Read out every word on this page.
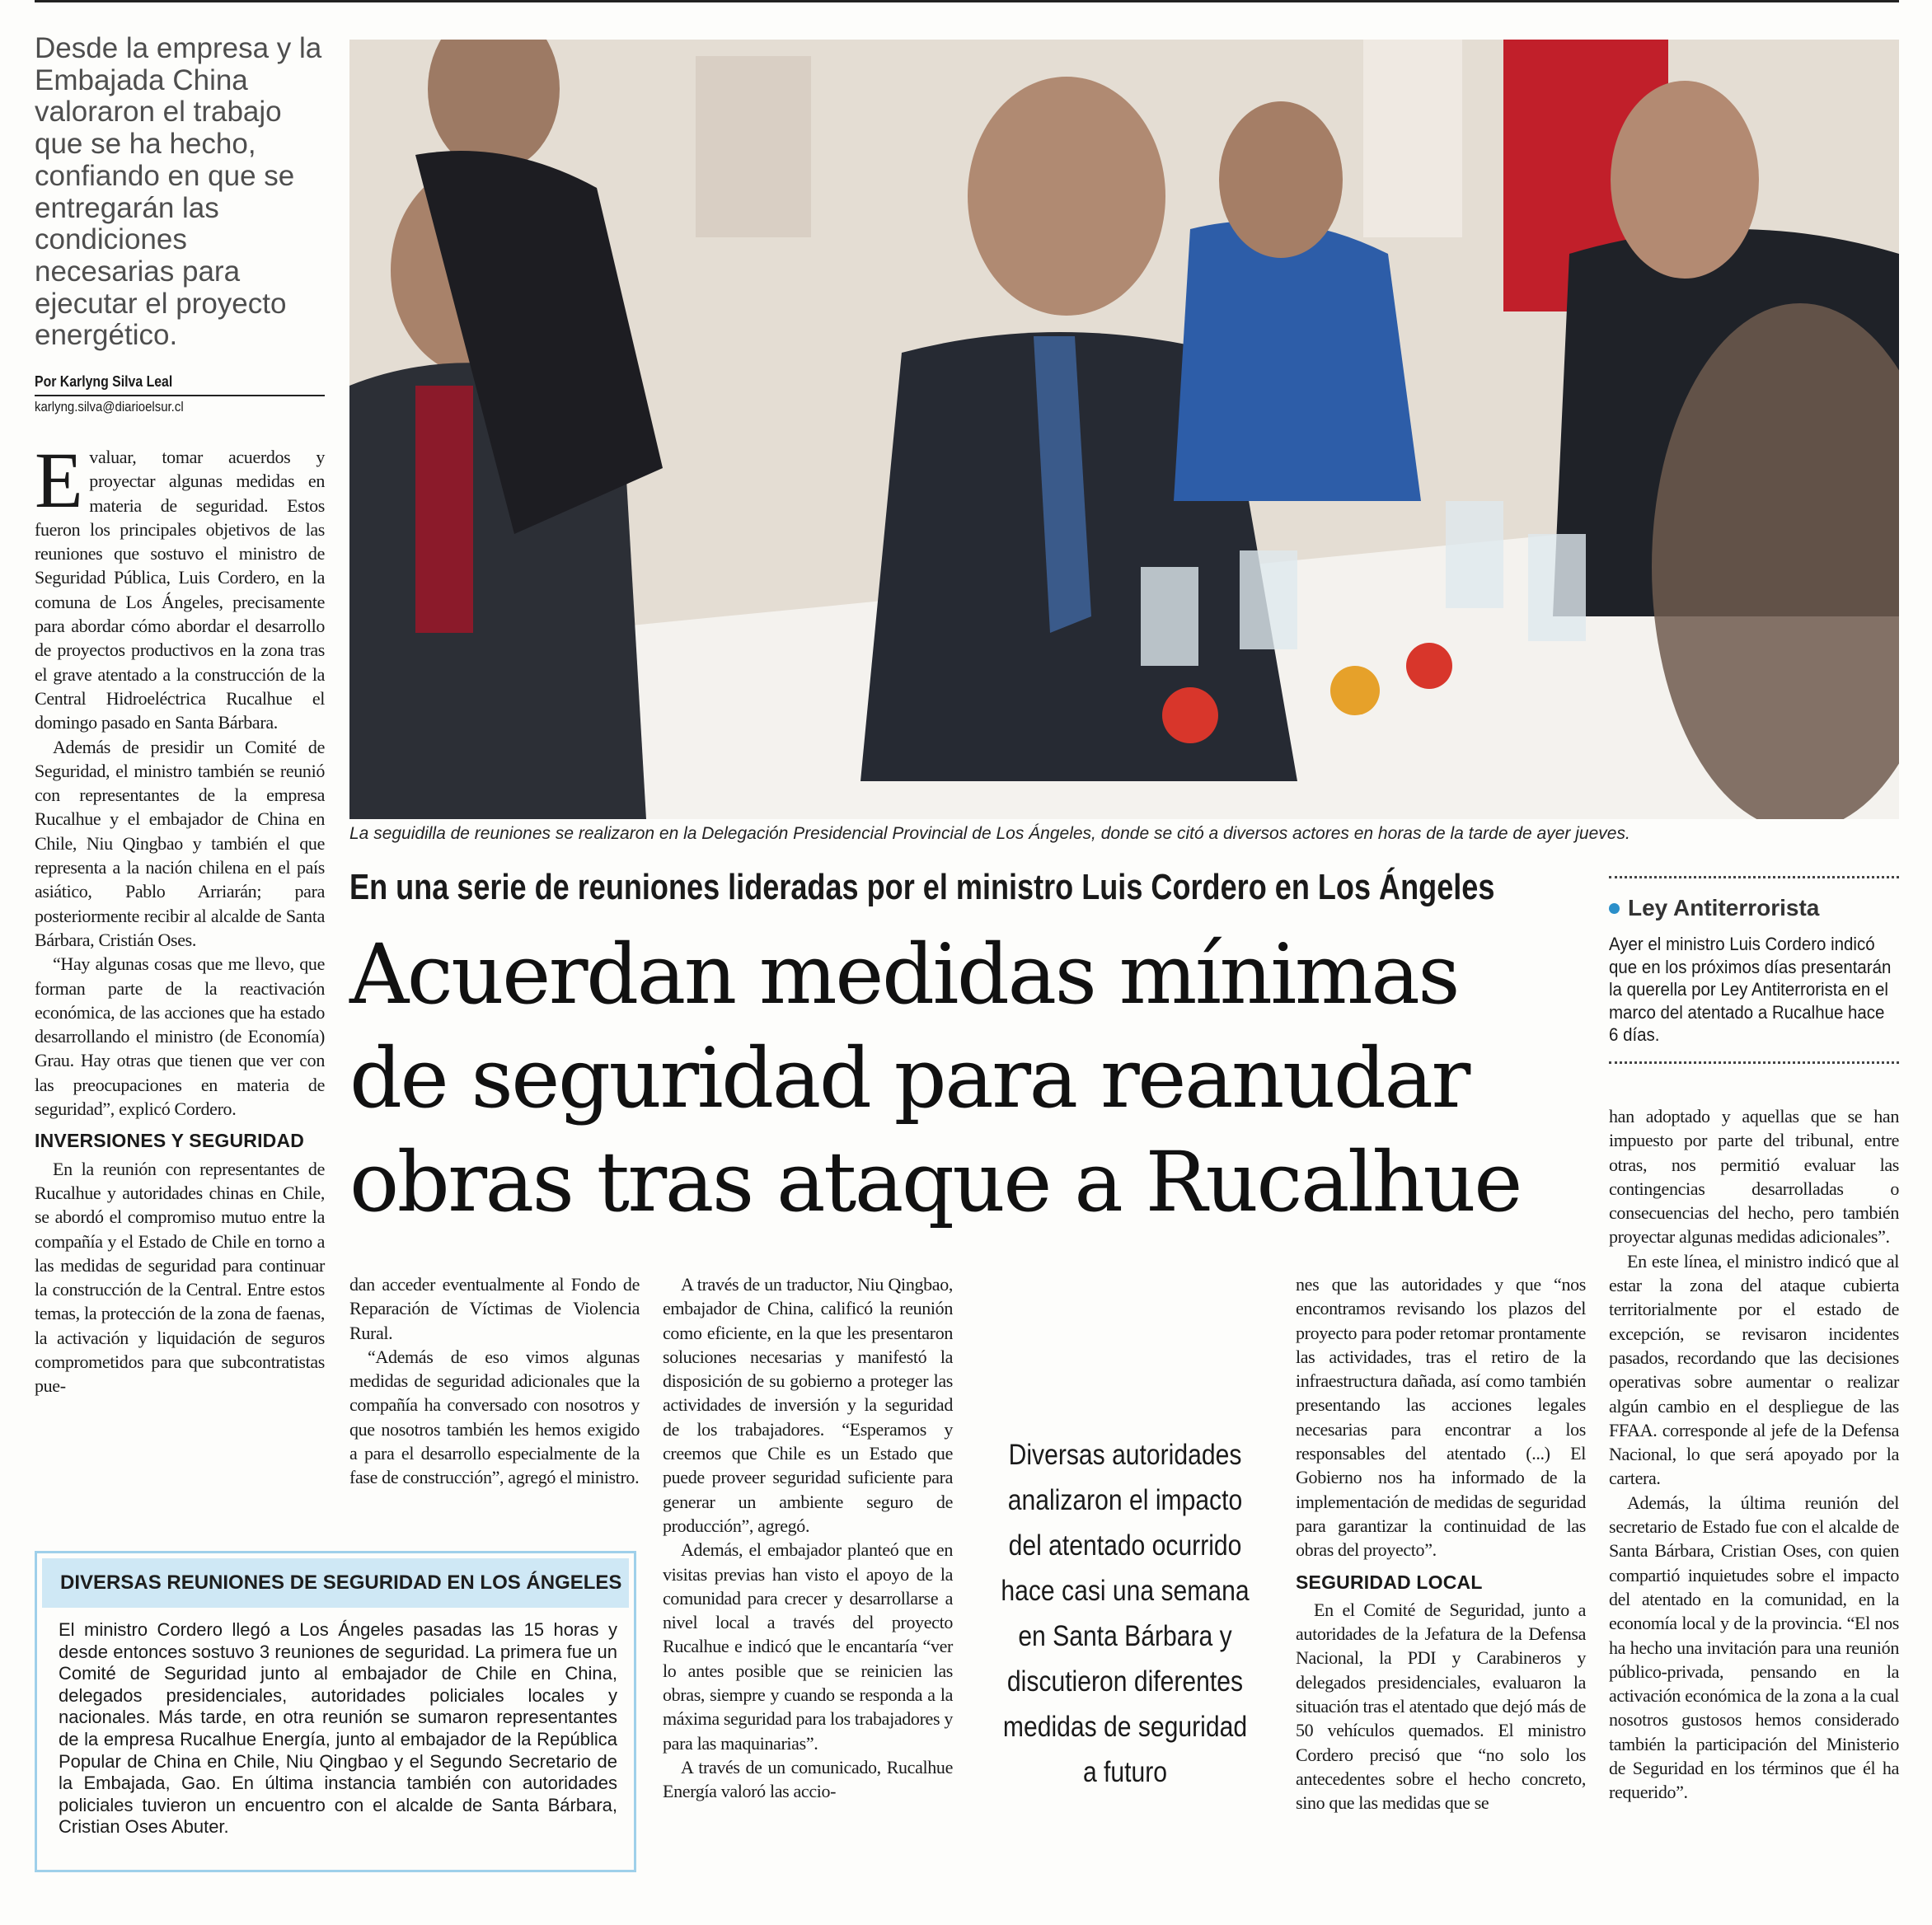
Desde la empresa y la Embajada China valoraron el trabajo que se ha hecho, confiando en que se entregarán las condiciones necesarias para ejecutar el proyecto energético.
Por Karlyng Silva Leal
karlyng.silva@diarioelsur.cl

Evaluar, tomar acuerdos y proyectar algunas medidas en materia de seguridad. Estos fueron los principales objetivos de las reuniones que sostuvo el ministro de Seguridad Pública, Luis Cordero, en la comuna de Los Ángeles, precisamente para abordar cómo abordar el desarrollo de proyectos productivos en la zona tras el grave atentado a la construcción de la Central Hidroeléctrica Rucalhue el domingo pasado en Santa Bárbara.

Además de presidir un Comité de Seguridad, el ministro también se reunió con representantes de la empresa Rucalhue y el embajador de China en Chile, Niu Qingbao y también el que representa a la nación chilena en el país asiático, Pablo Arriarán; para posteriormente recibir al alcalde de Santa Bárbara, Cristián Oses.

“Hay algunas cosas que me llevo, que forman parte de la reactivación económica, de las acciones que ha estado desarrollando el ministro (de Economía) Grau. Hay otras que tienen que ver con las preocupaciones en materia de seguridad”, explicó Cordero.

INVERSIONES Y SEGURIDAD

En la reunión con representantes de Rucalhue y autoridades chinas en Chile, se abordó el compromiso mutuo entre la compañía y el Estado de Chile en torno a las medidas de seguridad para continuar la construcción de la Central. Entre estos temas, la protección de la zona de faenas, la activación y liquidación de seguros comprometidos para que subcontratistas pue-

La seguidilla de reuniones se realizaron en la Delegación Presidencial Provincial de Los Ángeles, donde se citó a diversos actores en horas de la tarde de ayer jueves.
En una serie de reuniones lideradas por el ministro Luis Cordero en Los Ángeles
Acuerdan medidas mínimas
de seguridad para reanudar
obras tras ataque a Rucalhue
Ley Antiterrorista
Ayer el ministro Luis Cordero indicó que en los próximos días presentarán la querella por Ley Antiterrorista en el marco del atentado a Rucalhue hace 6 días.

dan acceder eventualmente al Fondo de Reparación de Víctimas de Violencia Rural.

“Además de eso vimos algunas medidas de seguridad adicionales que la compañía ha conversado con nosotros y que nosotros también les hemos exigido a para el desarrollo especialmente de la fase de construcción”, agregó el ministro.

DIVERSAS REUNIONES DE SEGURIDAD EN LOS ÁNGELES
El ministro Cordero llegó a Los Ángeles pasadas las 15 horas y desde entonces sostuvo 3 reuniones de seguridad. La primera fue un Comité de Seguridad junto al embajador de Chile en China, delegados presidenciales, autoridades policiales locales y nacionales. Más tarde, en otra reunión se sumaron representantes de la empresa Rucalhue Energía, junto al embajador de la República Popular de China en Chile, Niu Qingbao y el Segundo Secretario de la Embajada, Gao. En última instancia también con autoridades policiales tuvieron un encuentro con el alcalde de Santa Bárbara, Cristian Oses Abuter.

A través de un traductor, Niu Qingbao, embajador de China, calificó la reunión como eficiente, en la que les presentaron soluciones necesarias y manifestó la disposición de su gobierno a proteger las actividades de inversión y la seguridad de los trabajadores. “Esperamos y creemos que Chile es un Estado que puede proveer seguridad suficiente para generar un ambiente seguro de producción”, agregó.

Además, el embajador planteó que en visitas previas han visto el apoyo de la comunidad para crecer y desarrollarse a nivel local a través del proyecto Rucalhue e indicó que le encantaría “ver lo antes posible que se reinicien las obras, siempre y cuando se responda a la máxima seguridad para los trabajadores y para las maquinarias”.

A través de un comunicado, Rucalhue Energía valoró las accio-

Diversas autoridades analizaron el impacto del atentado ocurrido hace casi una semana en Santa Bárbara y discutieron diferentes medidas de seguridad a futuro

nes que las autoridades y que “nos encontramos revisando los plazos del proyecto para poder retomar prontamente las actividades, tras el retiro de la infraestructura dañada, así como también presentando las acciones legales necesarias para encontrar a los responsables del atentado (...) El Gobierno nos ha informado de la implementación de medidas de seguridad para garantizar la continuidad de las obras del proyecto”.

SEGURIDAD LOCAL

En el Comité de Seguridad, junto a autoridades de la Jefatura de la Defensa Nacional, la PDI y Carabineros y delegados presidenciales, evaluaron la situación tras el atentado que dejó más de 50 vehículos quemados. El ministro Cordero precisó que “no solo los antecedentes sobre el hecho concreto, sino que las medidas que se

han adoptado y aquellas que se han impuesto por parte del tribunal, entre otras, nos permitió evaluar las contingencias desarrolladas o consecuencias del hecho, pero también proyectar algunas medidas adicionales”.

En este línea, el ministro indicó que al estar la zona del ataque cubierta territorialmente por el estado de excepción, se revisaron incidentes pasados, recordando que las decisiones operativas sobre aumentar o realizar algún cambio en el despliegue de las FFAA. corresponde al jefe de la Defensa Nacional, lo que será apoyado por la cartera.

Además, la última reunión del secretario de Estado fue con el alcalde de Santa Bárbara, Cristian Oses, con quien compartió inquietudes sobre el impacto del atentado en la comunidad, en la economía local y de la provincia. “El nos ha hecho una invitación para una reunión público-privada, pensando en la activación económica de la zona a la cual nosotros gustosos hemos considerado también la participación del Ministerio de Seguridad en los términos que él ha requerido”.
